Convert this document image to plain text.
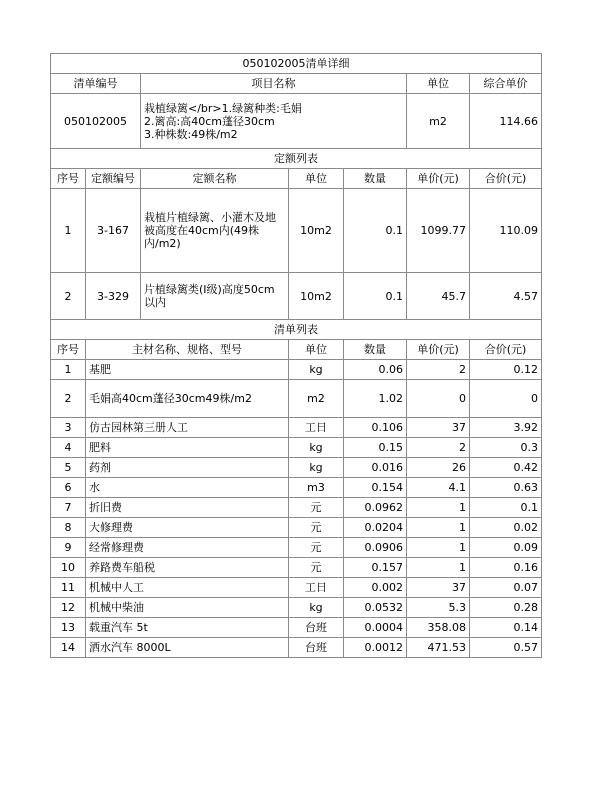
050102005清单详细						
清单编号		项目名称			单位	综合单价
050102005		栽植绿篱</br>1.绿篱种类:毛娟
2.篱高:高40cm蓬径30cm
3.种株数:49株/m2			m2	114.66
定额列表						
序号	定额编号	定额名称	单位	数量	单价(元)	合价(元)
1	3-167	栽植片植绿篱、小灌木及地被高度在40cm内(49株内/m2)	10m2	0.1	1099.77	110.09
2	3-329	片植绿篱类(Ⅰ级)高度50cm以内	10m2	0.1	45.7	4.57
清单列表						
序号	主材名称、规格、型号		单位	数量	单价(元)	合价(元)
1	基肥		kg	0.06	2	0.12
2	毛娟高40cm蓬径30cm49株/m2		m2	1.02	0	0
3	仿古园林第三册人工		工日	0.106	37	3.92
4	肥料		kg	0.15	2	0.3
5	药剂		kg	0.016	26	0.42
6	水		m3	0.154	4.1	0.63
7	折旧费		元	0.0962	1	0.1
8	大修理费		元	0.0204	1	0.02
9	经常修理费		元	0.0906	1	0.09
10	养路费车船税		元	0.157	1	0.16
11	机械中人工		工日	0.002	37	0.07
12	机械中柴油		kg	0.0532	5.3	0.28
13	载重汽车 5t		台班	0.0004	358.08	0.14
14	洒水汽车 8000L		台班	0.0012	471.53	0.57
